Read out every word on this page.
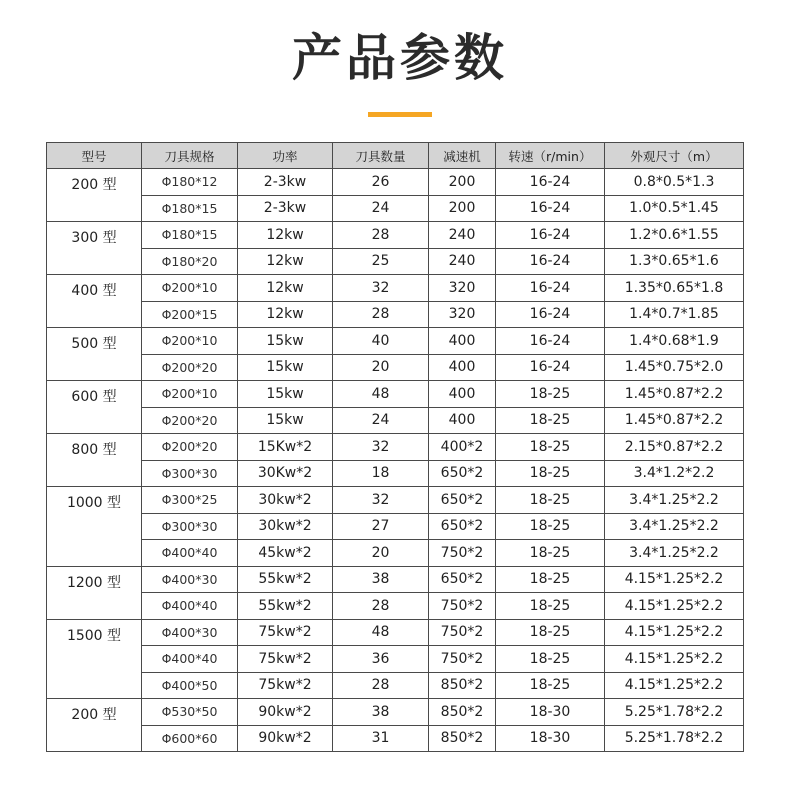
产品参数
型号	刀具规格	功率	刀具数量	减速机	转速（r/min）	外观尺寸（m）
200 型	Φ180*12	2-3kw	26	200	16-24	0.8*0.5*1.3
	Φ180*15	2-3kw	24	200	16-24	1.0*0.5*1.45
300 型	Φ180*15	12kw	28	240	16-24	1.2*0.6*1.55
	Φ180*20	12kw	25	240	16-24	1.3*0.65*1.6
400 型	Φ200*10	12kw	32	320	16-24	1.35*0.65*1.8
	Φ200*15	12kw	28	320	16-24	1.4*0.7*1.85
500 型	Φ200*10	15kw	40	400	16-24	1.4*0.68*1.9
	Φ200*20	15kw	20	400	16-24	1.45*0.75*2.0
600 型	Φ200*10	15kw	48	400	18-25	1.45*0.87*2.2
	Φ200*20	15kw	24	400	18-25	1.45*0.87*2.2
800 型	Φ200*20	15Kw*2	32	400*2	18-25	2.15*0.87*2.2
	Φ300*30	30Kw*2	18	650*2	18-25	3.4*1.2*2.2
1000 型	Φ300*25	30kw*2	32	650*2	18-25	3.4*1.25*2.2
	Φ300*30	30kw*2	27	650*2	18-25	3.4*1.25*2.2
	Φ400*40	45kw*2	20	750*2	18-25	3.4*1.25*2.2
1200 型	Φ400*30	55kw*2	38	650*2	18-25	4.15*1.25*2.2
	Φ400*40	55kw*2	28	750*2	18-25	4.15*1.25*2.2
1500 型	Φ400*30	75kw*2	48	750*2	18-25	4.15*1.25*2.2
	Φ400*40	75kw*2	36	750*2	18-25	4.15*1.25*2.2
	Φ400*50	75kw*2	28	850*2	18-25	4.15*1.25*2.2
200 型	Φ530*50	90kw*2	38	850*2	18-30	5.25*1.78*2.2
	Φ600*60	90kw*2	31	850*2	18-30	5.25*1.78*2.2
